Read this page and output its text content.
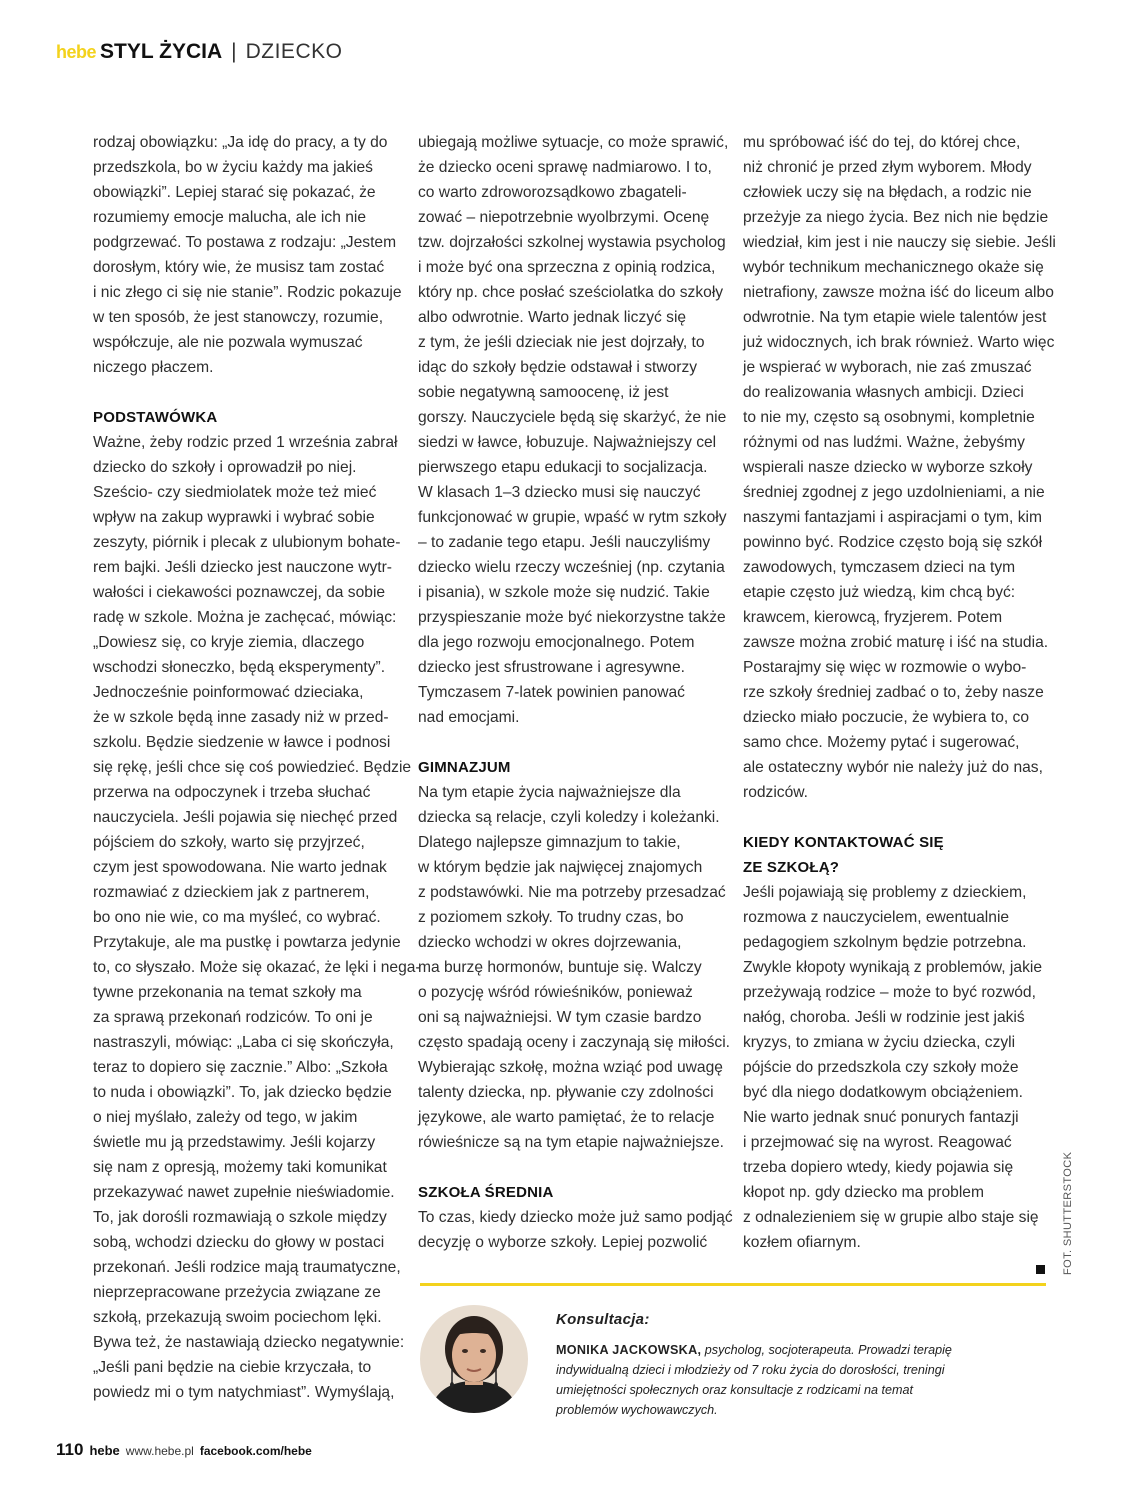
hebe STYL ŻYCIA | DZIECKO
rodzaj obowiązku: „Ja idę do pracy, a ty do
przedszkola, bo w życiu każdy ma jakieś
obowiązki”. Lepiej starać się pokazać, że
rozumiemy emocje malucha, ale ich nie
podgrzewać. To postawa z rodzaju: „Jestem
dorosłym, który wie, że musisz tam zostać
i nic złego ci się nie stanie”. Rodzic pokazuje
w ten sposób, że jest stanowczy, rozumie,
współczuje, ale nie pozwala wymuszać
niczego płaczem.
PODSTAWÓWKA
Ważne, żeby rodzic przed 1 września zabrał
dziecko do szkoły i oprowadził po niej.
Sześcio- czy siedmiolatek może też mieć
wpływ na zakup wyprawki i wybrać sobie
zeszyty, piórnik i plecak z ulubionym bohate-
rem bajki. Jeśli dziecko jest nauczone wytr-
wałości i ciekawości poznawczej, da sobie
radę w szkole. Można je zachęcać, mówiąc:
„Dowiesz się, co kryje ziemia, dlaczego
wschodzi słoneczko, będą eksperymenty”.
Jednocześnie poinformować dzieciaka,
że w szkole będą inne zasady niż w przed-
szkolu. Będzie siedzenie w ławce i podnosi
się rękę, jeśli chce się coś powiedzieć. Będzie
przerwa na odpoczynek i trzeba słuchać
nauczyciela. Jeśli pojawia się niechęć przed
pójściem do szkoły, warto się przyjrzeć,
czym jest spowodowana. Nie warto jednak
rozmawiać z dzieckiem jak z partnerem,
bo ono nie wie, co ma myśleć, co wybrać.
Przytakuje, ale ma pustkę i powtarza jedynie
to, co słyszało. Może się okazać, że lęki i nega-
tywne przekonania na temat szkoły ma
za sprawą przekonań rodziców. To oni je
nastraszyli, mówiąc: „Laba ci się skończyła,
teraz to dopiero się zacznie.” Albo: „Szkoła
to nuda i obowiązki”. To, jak dziecko będzie
o niej myślało, zależy od tego, w jakim
świetle mu ją przedstawimy. Jeśli kojarzy
się nam z opresją, możemy taki komunikat
przekazywać nawet zupełnie nieświadomie.
To, jak dorośli rozmawiają o szkole między
sobą, wchodzi dziecku do głowy w postaci
przekonań. Jeśli rodzice mają traumatyczne,
nieprzepracowane przeżycia związane ze
szkołą, przekazują swoim pociechom lęki.
Bywa też, że nastawiają dziecko negatywnie:
„Jeśli pani będzie na ciebie krzyczała, to
powiedz mi o tym natychmiast”. Wymyślają,
ubiegają możliwe sytuacje, co może sprawić,
że dziecko oceni sprawę nadmiarowo. I to,
co warto zdroworozsądkowo zbagateli-
zować – niepotrzebnie wyolbrzymi. Ocenę
tzw. dojrzałości szkolnej wystawia psycholog
i może być ona sprzeczna z opinią rodzica,
który np. chce posłać sześciolatka do szkoły
albo odwrotnie. Warto jednak liczyć się
z tym, że jeśli dzieciak nie jest dojrzały, to
idąc do szkoły będzie odstawał i stworzy
sobie negatywną samoocenę, iż jest
gorszy. Nauczyciele będą się skarżyć, że nie
siedzi w ławce, łobuzuje. Najważniejszy cel
pierwszego etapu edukacji to socjalizacja.
W klasach 1–3 dziecko musi się nauczyć
funkcjonować w grupie, wpaść w rytm szkoły
– to zadanie tego etapu. Jeśli nauczyliśmy
dziecko wielu rzeczy wcześniej (np. czytania
i pisania), w szkole może się nudzić. Takie
przyspieszanie może być niekorzystne także
dla jego rozwoju emocjonalnego. Potem
dziecko jest sfrustrowane i agresywne.
Tymczasem 7-latek powinien panować
nad emocjami.
GIMNAZJUM
Na tym etapie życia najważniejsze dla
dziecka są relacje, czyli koledzy i koleżanki.
Dlatego najlepsze gimnazjum to takie,
w którym będzie jak najwięcej znajomych
z podstawówki. Nie ma potrzeby przesadzać
z poziomem szkoły. To trudny czas, bo
dziecko wchodzi w okres dojrzewania,
ma burzę hormonów, buntuje się. Walczy
o pozycję wśród rówieśników, ponieważ
oni są najważniejsi. W tym czasie bardzo
często spadają oceny i zaczynają się miłości.
Wybierając szkołę, można wziąć pod uwagę
talenty dziecka, np. pływanie czy zdolności
językowe, ale warto pamiętać, że to relacje
rówieśnicze są na tym etapie najważniejsze.
SZKOŁA ŚREDNIA
To czas, kiedy dziecko może już samo podjąć
decyzję o wyborze szkoły. Lepiej pozwolić
mu spróbować iść do tej, do której chce,
niż chronić je przed złym wyborem. Młody
człowiek uczy się na błędach, a rodzic nie
przeżyje za niego życia. Bez nich nie będzie
wiedział, kim jest i nie nauczy się siebie. Jeśli
wybór technikum mechanicznego okaże się
nietrafiony, zawsze można iść do liceum albo
odwrotnie. Na tym etapie wiele talentów jest
już widocznych, ich brak również. Warto więc
je wspierać w wyborach, nie zaś zmuszać
do realizowania własnych ambicji. Dzieci
to nie my, często są osobnymi, kompletnie
różnymi od nas ludźmi. Ważne, żebyśmy
wspierali nasze dziecko w wyborze szkoły
średniej zgodnej z jego uzdolnieniami, a nie
naszymi fantazjami i aspiracjami o tym, kim
powinno być. Rodzice często boją się szkół
zawodowych, tymczasem dzieci na tym
etapie często już wiedzą, kim chcą być:
krawcem, kierowcą, fryzjerem. Potem
zawsze można zrobić maturę i iść na studia.
Postarajmy się więc w rozmowie o wybo-
rze szkoły średniej zadbać o to, żeby nasze
dziecko miało poczucie, że wybiera to, co
samo chce. Możemy pytać i sugerować,
ale ostateczny wybór nie należy już do nas,
rodziców.
KIEDY KONTAKTOWAĆ SIĘ
ZE SZKOŁĄ?
Jeśli pojawiają się problemy z dzieckiem,
rozmowa z nauczycielem, ewentualnie
pedagogiem szkolnym będzie potrzebna.
Zwykle kłopoty wynikają z problemów, jakie
przeżywają rodzice – może to być rozwód,
nałóg, choroba. Jeśli w rodzinie jest jakiś
kryzys, to zmiana w życiu dziecka, czyli
pójście do przedszkola czy szkoły może
być dla niego dodatkowym obciążeniem.
Nie warto jednak snuć ponurych fantazji
i przejmować się na wyrost. Reagować
trzeba dopiero wtedy, kiedy pojawia się
kłopot np. gdy dziecko ma problem
z odnalezieniem się w grupie albo staje się
kozłem ofiarnym.	FOT. SHUTTERSTOCK
Konsultacja:
MONIKA JACKOWSKA, psycholog, socjoterapeuta. Prowadzi terapię
indywidualną dzieci i młodzieży od 7 roku życia do dorosłości, treningi
umiejętności społecznych oraz konsultacje z rodzicami na temat
problemów wychowawczych.
110 hebe www.hebe.pl facebook.com/hebe
